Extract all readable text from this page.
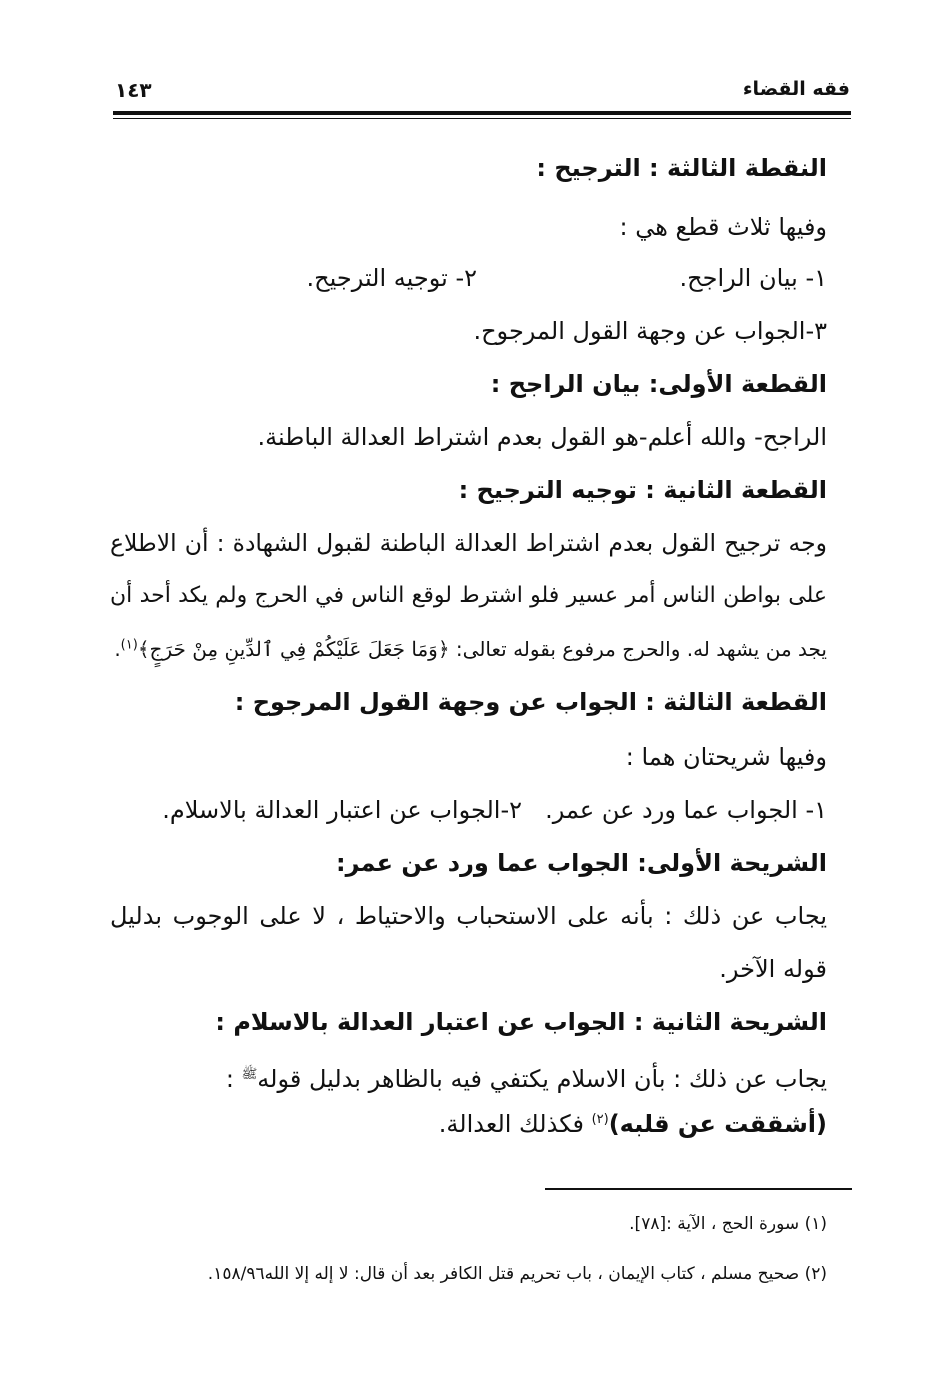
فقه القضاء
١٤٣
النقطة الثالثة : الترجيح :
وفيها ثلاث قطع هي :
١- بيان الراجح.
٢- توجيه الترجيح.
٣-الجواب عن وجهة القول المرجوح.
القطعة الأولى: بيان الراجح :
الراجح- والله أعلم-هو القول بعدم اشتراط العدالة الباطنة.
القطعة الثانية : توجيه الترجيح :
وجه ترجيح القول بعدم اشتراط العدالة الباطنة لقبول الشهادة : أن الاطلاع
على بواطن الناس أمر عسير فلو اشترط لوقع الناس في الحرج ولم يكد أحد أن
يجد من يشهد له. والحرج مرفوع بقوله تعالى: ﴿وَمَا جَعَلَ عَلَيْكُمْ فِي ٱلدِّينِ مِنْ حَرَجٍ﴾$^{(١)}$.
القطعة الثالثة : الجواب عن وجهة القول المرجوح :
وفيها شريحتان هما :
١- الجواب عما ورد عن عمر.
٢-الجواب عن اعتبار العدالة بالاسلام.
الشريحة الأولى: الجواب عما ورد عن عمر:
يجاب عن ذلك : بأنه على الاستحباب والاحتياط ، لا على الوجوب بدليل
قوله الآخر.
الشريحة الثانية : الجواب عن اعتبار العدالة بالاسلام :
يجاب عن ذلك : بأن الاسلام يكتفي فيه بالظاهر بدليل قوله$^ﷺ$ :
(أشققت عن قلبه)$^{(٢)}$ فكذلك العدالة.
(١) سورة الحج ، الآية :[٧٨].
(٢) صحيح مسلم ، كتاب الإيمان ، باب تحريم قتل الكافر بعد أن قال: لا إله إلا الله١٥٨/٩٦.
